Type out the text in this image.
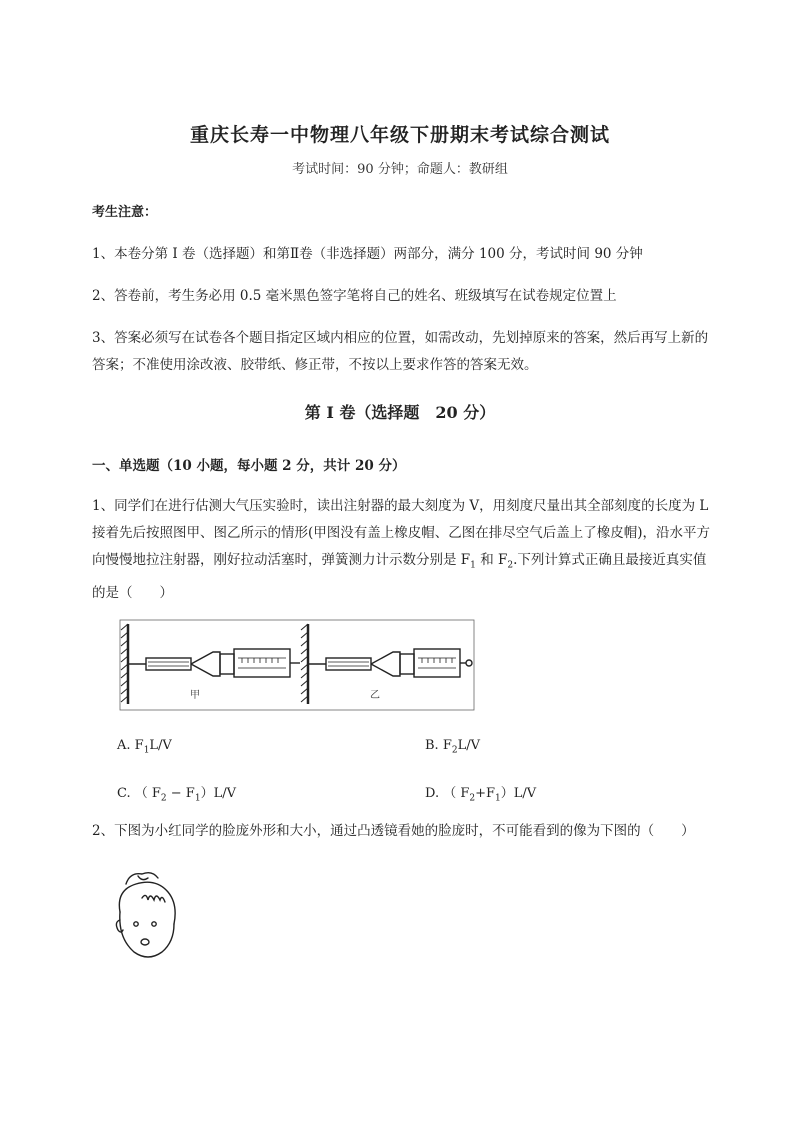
重庆长寿一中物理八年级下册期末考试综合测试
考试时间：90 分钟；命题人：教研组
考生注意：
1、本卷分第 I 卷（选择题）和第Ⅱ卷（非选择题）两部分，满分 100 分，考试时间 90 分钟
2、答卷前，考生务必用 0.5 毫米黑色签字笔将自己的姓名、班级填写在试卷规定位置上
3、答案必须写在试卷各个题目指定区域内相应的位置，如需改动，先划掉原来的答案，然后再写上新的答案；不准使用涂改液、胶带纸、修正带，不按以上要求作答的答案无效。
第 I 卷（选择题　20 分）
一、单选题（10 小题，每小题 2 分，共计 20 分）
1、同学们在进行估测大气压实验时，读出注射器的最大刻度为 V，用刻度尺量出其全部刻度的长度为 L 接着先后按照图甲、图乙所示的情形(甲图没有盖上橡皮帽、乙图在排尽空气后盖上了橡皮帽)，沿水平方向慢慢地拉注射器，刚好拉动活塞时，弹簧测力计示数分别是 $F_1$ 和 $F_2$.下列计算式正确且最接近真实值的是（　　）
甲	乙
A. $F_1L/V$	B. $F_2L/V$
C. （ $F_2 - F_1)L/V$	D. （ $F_2+F_1)L/V$
2、下图为小红同学的脸庞外形和大小，通过凸透镜看她的脸庞时，不可能看到的像为下图的（　　）
